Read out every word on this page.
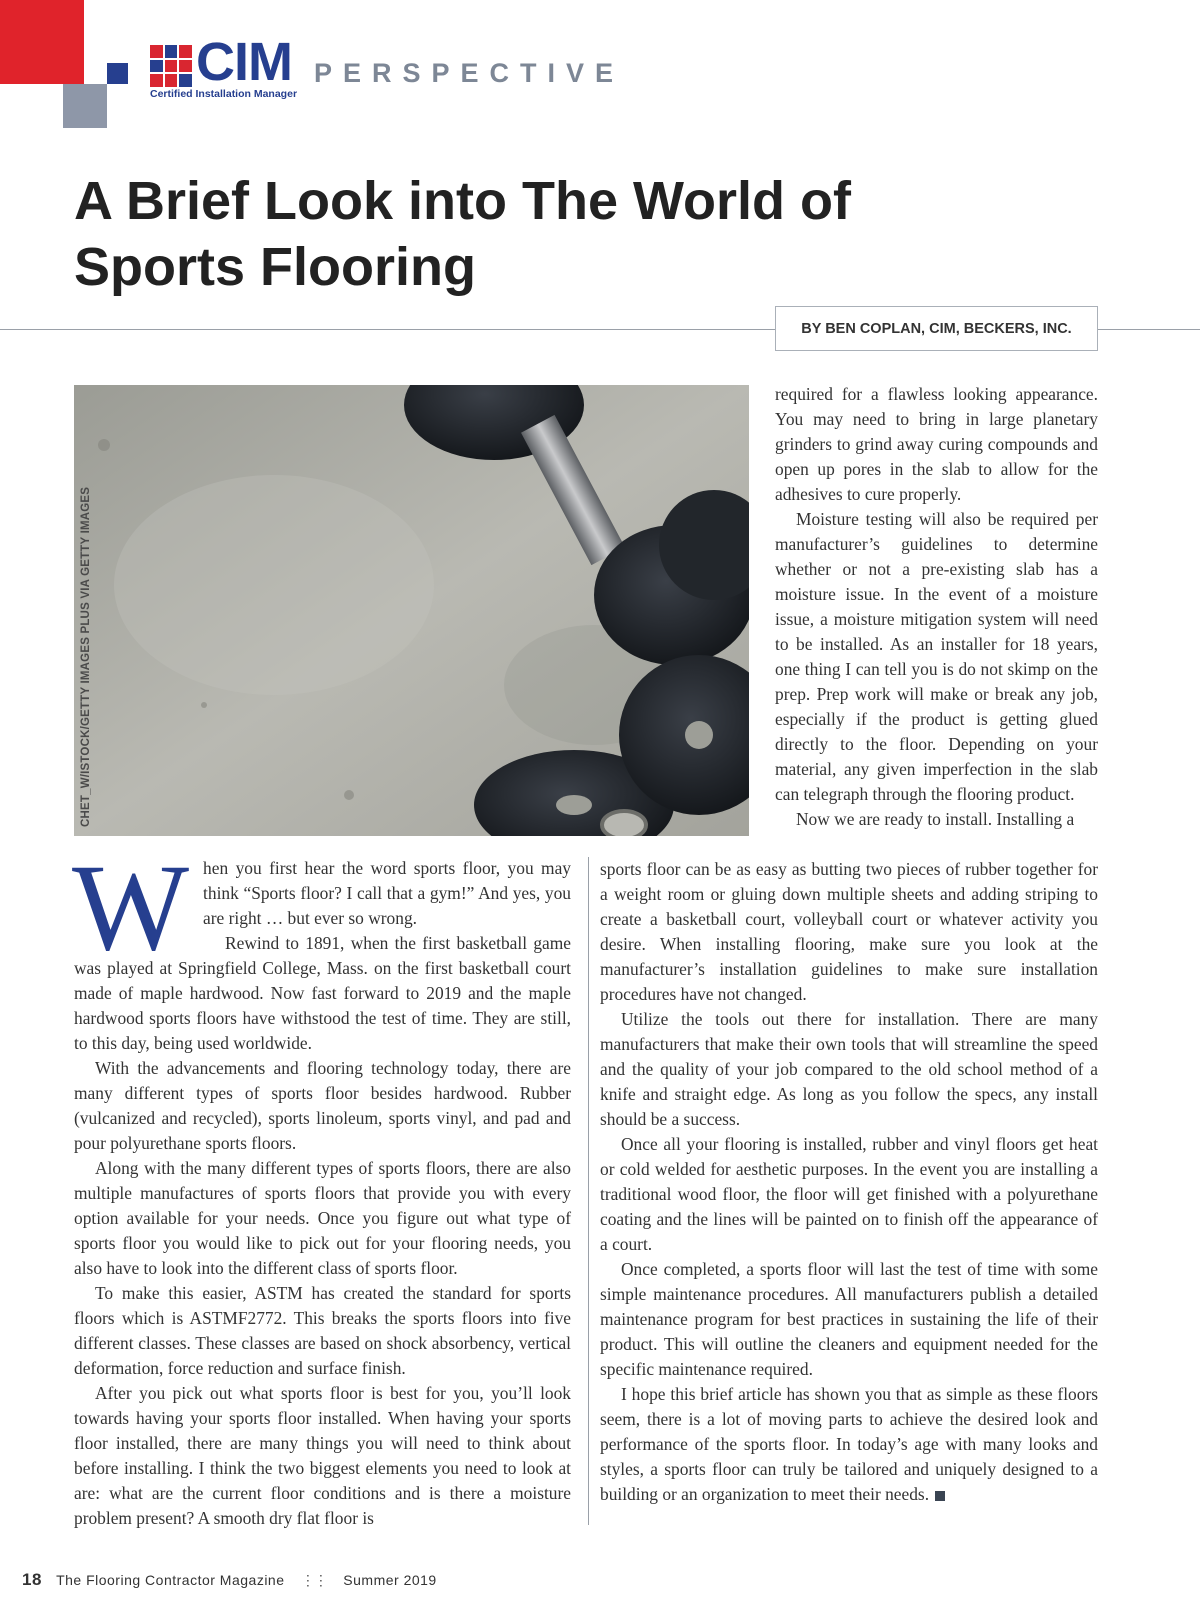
CIM
Certified Installation Manager
PERSPECTIVE
A Brief Look into The World of
Sports Flooring
BY BEN COPLAN, CIM, BECKERS, INC.
CHET_W/ISTOCK/GETTY IMAGES PLUS VIA GETTY IMAGES

required for a flawless looking appearance. You may need to bring in large planetary grinders to grind away curing compounds and open up pores in the slab to allow for the adhesives to cure properly.

Moisture testing will also be required per manufacturer’s guidelines to determine whether or not a pre-existing slab has a moisture issue. In the event of a moisture issue, a moisture mitigation system will need to be installed. As an installer for 18 years, one thing I can tell you is do not skimp on the prep. Prep work will make or break any job, especially if the product is getting glued directly to the floor. Depending on your material, any given imperfection in the slab can telegraph through the flooring product.

Now we are ready to install. Installing a

W hen you first hear the word sports floor, you may think “Sports floor? I call that a gym!” And yes, you are right … but ever so wrong.

Rewind to 1891, when the first basketball game was played at Springfield College, Mass. on the first basketball court made of maple hardwood. Now fast forward to 2019 and the maple hardwood sports floors have withstood the test of time. They are still, to this day, being used worldwide.

With the advancements and flooring technology today, there are many different types of sports floor besides hardwood. Rubber (vulcanized and recycled), sports linoleum, sports vinyl, and pad and pour polyurethane sports floors.

Along with the many different types of sports floors, there are also multiple manufactures of sports floors that provide you with every option available for your needs. Once you figure out what type of sports floor you would like to pick out for your flooring needs, you also have to look into the different class of sports floor.

To make this easier, ASTM has created the standard for sports floors which is ASTMF2772. This breaks the sports floors into five different classes. These classes are based on shock absorbency, vertical deformation, force reduction and surface finish.

After you pick out what sports floor is best for you, you’ll look towards having your sports floor installed. When having your sports floor installed, there are many things you will need to think about before installing. I think the two biggest elements you need to look at are: what are the current floor conditions and is there a moisture problem present? A smooth dry flat floor is

sports floor can be as easy as butting two pieces of rubber together for a weight room or gluing down multiple sheets and adding striping to create a basketball court, volleyball court or whatever activity you desire. When installing flooring, make sure you look at the manufacturer’s installation guidelines to make sure installation procedures have not changed.

Utilize the tools out there for installation. There are many manufacturers that make their own tools that will streamline the speed and the quality of your job compared to the old school method of a knife and straight edge. As long as you follow the specs, any install should be a success.

Once all your flooring is installed, rubber and vinyl floors get heat or cold welded for aesthetic purposes. In the event you are installing a traditional wood floor, the floor will get finished with a polyurethane coating and the lines will be painted on to finish off the appearance of a court.

Once completed, a sports floor will last the test of time with some simple maintenance procedures. All manufacturers publish a detailed maintenance program for best practices in sustaining the life of their product. This will outline the cleaners and equipment needed for the specific maintenance required.

I hope this brief article has shown you that as simple as these floors seem, there is a lot of moving parts to achieve the desired look and performance of the sports floor. In today’s age with many looks and styles, a sports floor can truly be tailored and uniquely designed to a building or an organization to meet their needs.

18 The Flooring Contractor Magazine ⋮⋮ Summer 2019
